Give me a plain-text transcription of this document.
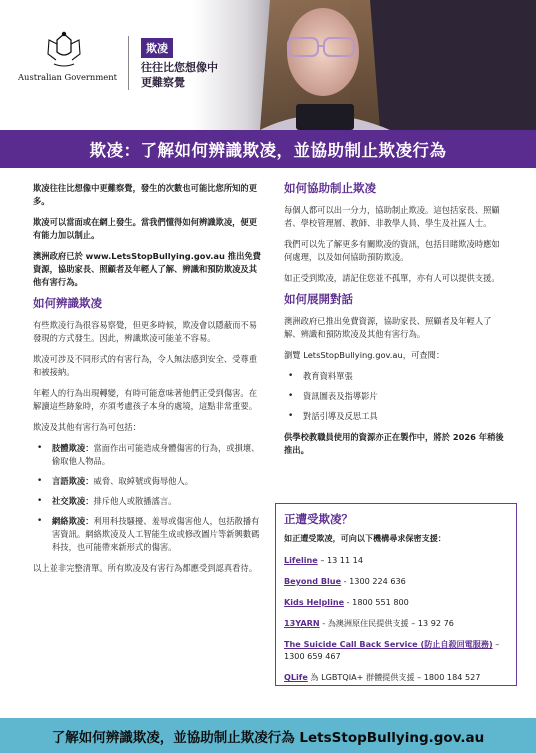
Australian Government
欺凌
往往比您想像中
更難察覺
欺凌：了解如何辨識欺凌，並協助制止欺凌行為

欺凌往往比想像中更難察覺，發生的次數也可能比您所知的更多。

欺凌可以當面或在網上發生。當我們懂得如何辨識欺凌，便更有能力加以制止。

澳洲政府已於 www.LetsStopBullying.gov.au 推出免費資源，協助家長、照顧者及年輕人了解、辨識和預防欺凌及其他有害行為。

如何辨識欺凌

有些欺凌行為很容易察覺，但更多時候，欺凌會以隱蔽而不易發現的方式發生。因此，辨識欺凌可能並不容易。

欺凌可涉及不同形式的有害行為，令人無法感到安全、受尊重和被接納。

年輕人的行為出現轉變，有時可能意味著他們正受到傷害。在解讀這些跡象時，亦須考慮孩子本身的處境，這點非常重要。

欺凌及其他有害行為可包括：

• 肢體欺凌：當面作出可能造成身體傷害的行為，或損壞、偷取他人物品。
• 言語欺凌：威脅、取綽號或侮辱他人。
• 社交欺凌：排斥他人或散播謠言。
• 網絡欺凌：利用科技騷擾、羞辱或傷害他人，包括散播有害資訊。網絡欺凌及人工智能生成或修改圖片等新興數碼科技，也可能帶來新形式的傷害。

以上並非完整清單。所有欺凌及有害行為都應受到認真看待。

如何協助制止欺凌

每個人都可以出一分力，協助制止欺凌。這包括家長、照顧者、學校管理層、教師、非教學人員、學生及社區人士。

我們可以先了解更多有關欺凌的資訊，包括目睹欺凌時應如何處理，以及如何協助預防欺凌。

如正受到欺凌，請記住您並不孤單，亦有人可以提供支援。

如何展開對話

澳洲政府已推出免費資源，協助家長、照顧者及年輕人了解、辨識和預防欺凌及其他有害行為。

瀏覽 LetsStopBullying.gov.au，可查閱：

• 教育資料單張
• 資訊圖表及指導影片
• 對話引導及反思工具

供學校教職員使用的資源亦正在製作中，將於 2026 年稍後推出。

正遭受欺凌？
如正遭受欺凌，可向以下機構尋求保密支援：
Lifeline – 13 11 14
Beyond Blue - 1300 224 636
Kids Helpline - 1800 551 800
13YARN - 為澳洲原住民提供支援 – 13 92 76
The Suicide Call Back Service (防止自殺回電服務) – 1300 659 467
QLife 為 LGBTQIA+ 群體提供支援 – 1800 184 527
了解如何辨識欺凌，並協助制止欺凌行為 LetsStopBullying.gov.au
